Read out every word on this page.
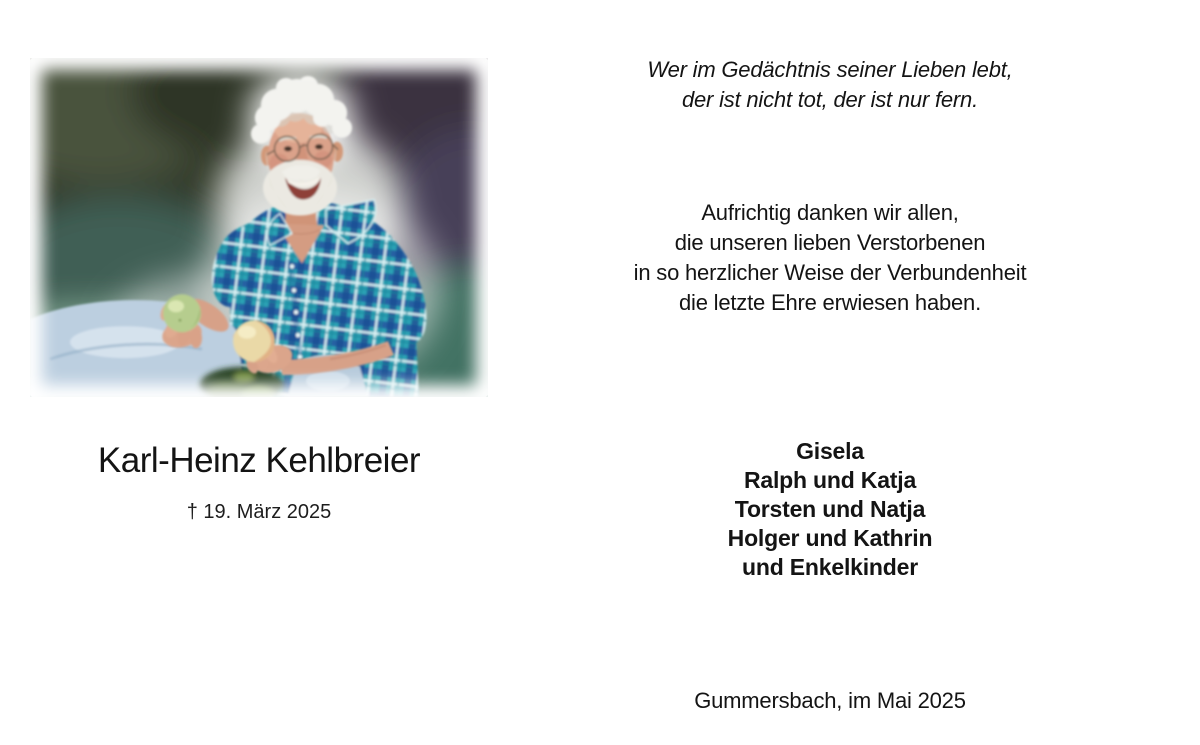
Karl-Heinz Kehlbreier
† 19. März 2025
Wer im Gedächtnis seiner Lieben lebt,
der ist nicht tot, der ist nur fern.
Aufrichtig danken wir allen,
die unseren lieben Verstorbenen
in so herzlicher Weise der Verbundenheit
die letzte Ehre erwiesen haben.
Gisela
Ralph und Katja
Torsten und Natja
Holger und Kathrin
und Enkelkinder
Gummersbach, im Mai 2025
